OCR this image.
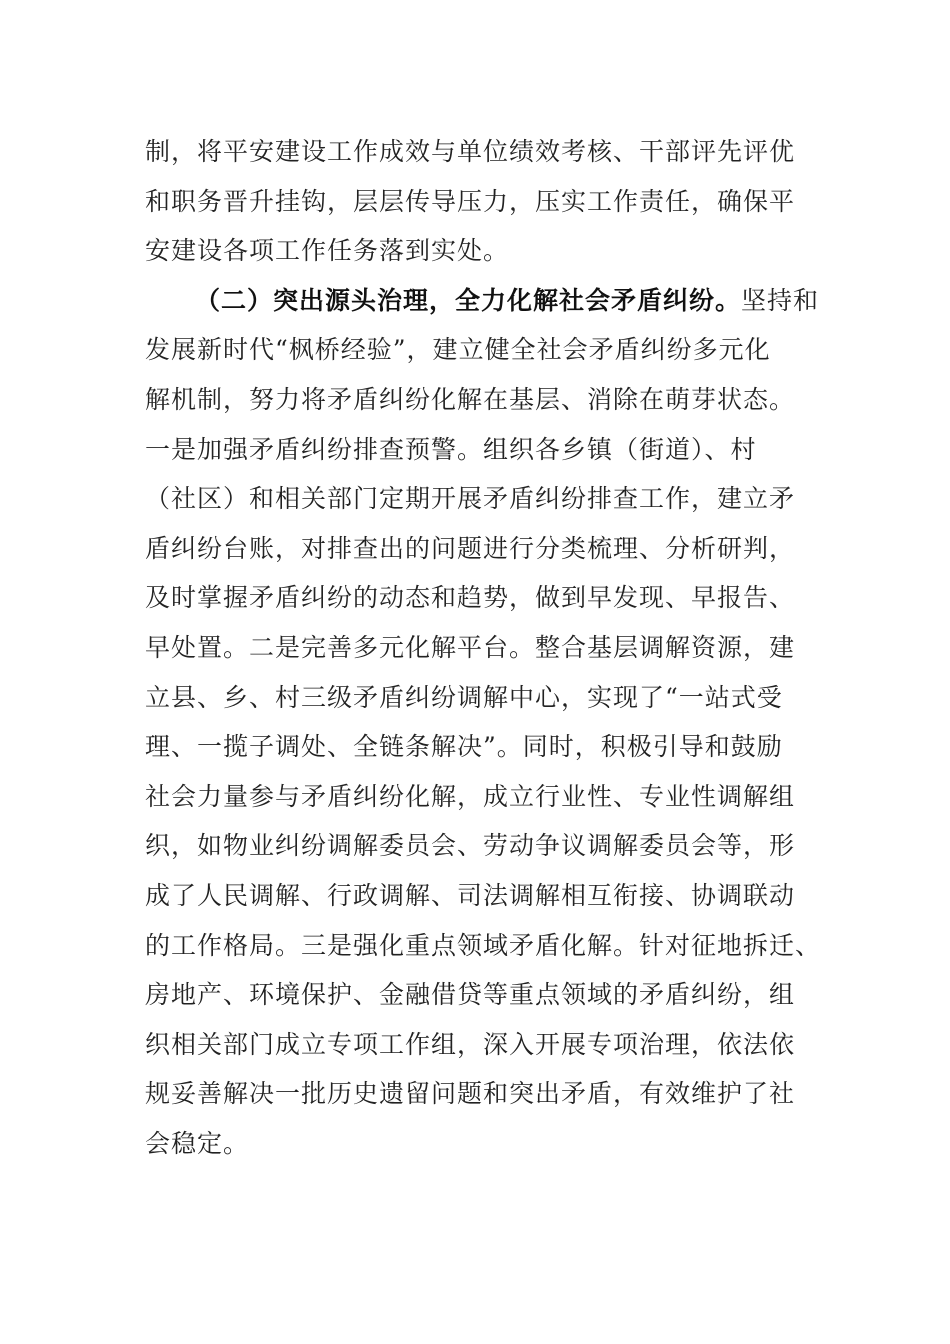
制，将平安建设工作成效与单位绩效考核、干部评先评优
和职务晋升挂钩，层层传导压力，压实工作责任，确保平
安建设各项工作任务落到实处。
（二）突出源头治理，全力化解社会矛盾纠纷。坚持和
发展新时代“枫桥经验”，建立健全社会矛盾纠纷多元化
解机制，努力将矛盾纠纷化解在基层、消除在萌芽状态。
一是加强矛盾纠纷排查预警。组织各乡镇（街道）、村
（社区）和相关部门定期开展矛盾纠纷排查工作，建立矛
盾纠纷台账，对排查出的问题进行分类梳理、分析研判，
及时掌握矛盾纠纷的动态和趋势，做到早发现、早报告、
早处置。二是完善多元化解平台。整合基层调解资源，建
立县、乡、村三级矛盾纠纷调解中心，实现了“一站式受
理、一揽子调处、全链条解决”。同时，积极引导和鼓励
社会力量参与矛盾纠纷化解，成立行业性、专业性调解组
织，如物业纠纷调解委员会、劳动争议调解委员会等，形
成了人民调解、行政调解、司法调解相互衔接、协调联动
的工作格局。三是强化重点领域矛盾化解。针对征地拆迁、
房地产、环境保护、金融借贷等重点领域的矛盾纠纷，组
织相关部门成立专项工作组，深入开展专项治理，依法依
规妥善解决一批历史遗留问题和突出矛盾，有效维护了社
会稳定。
